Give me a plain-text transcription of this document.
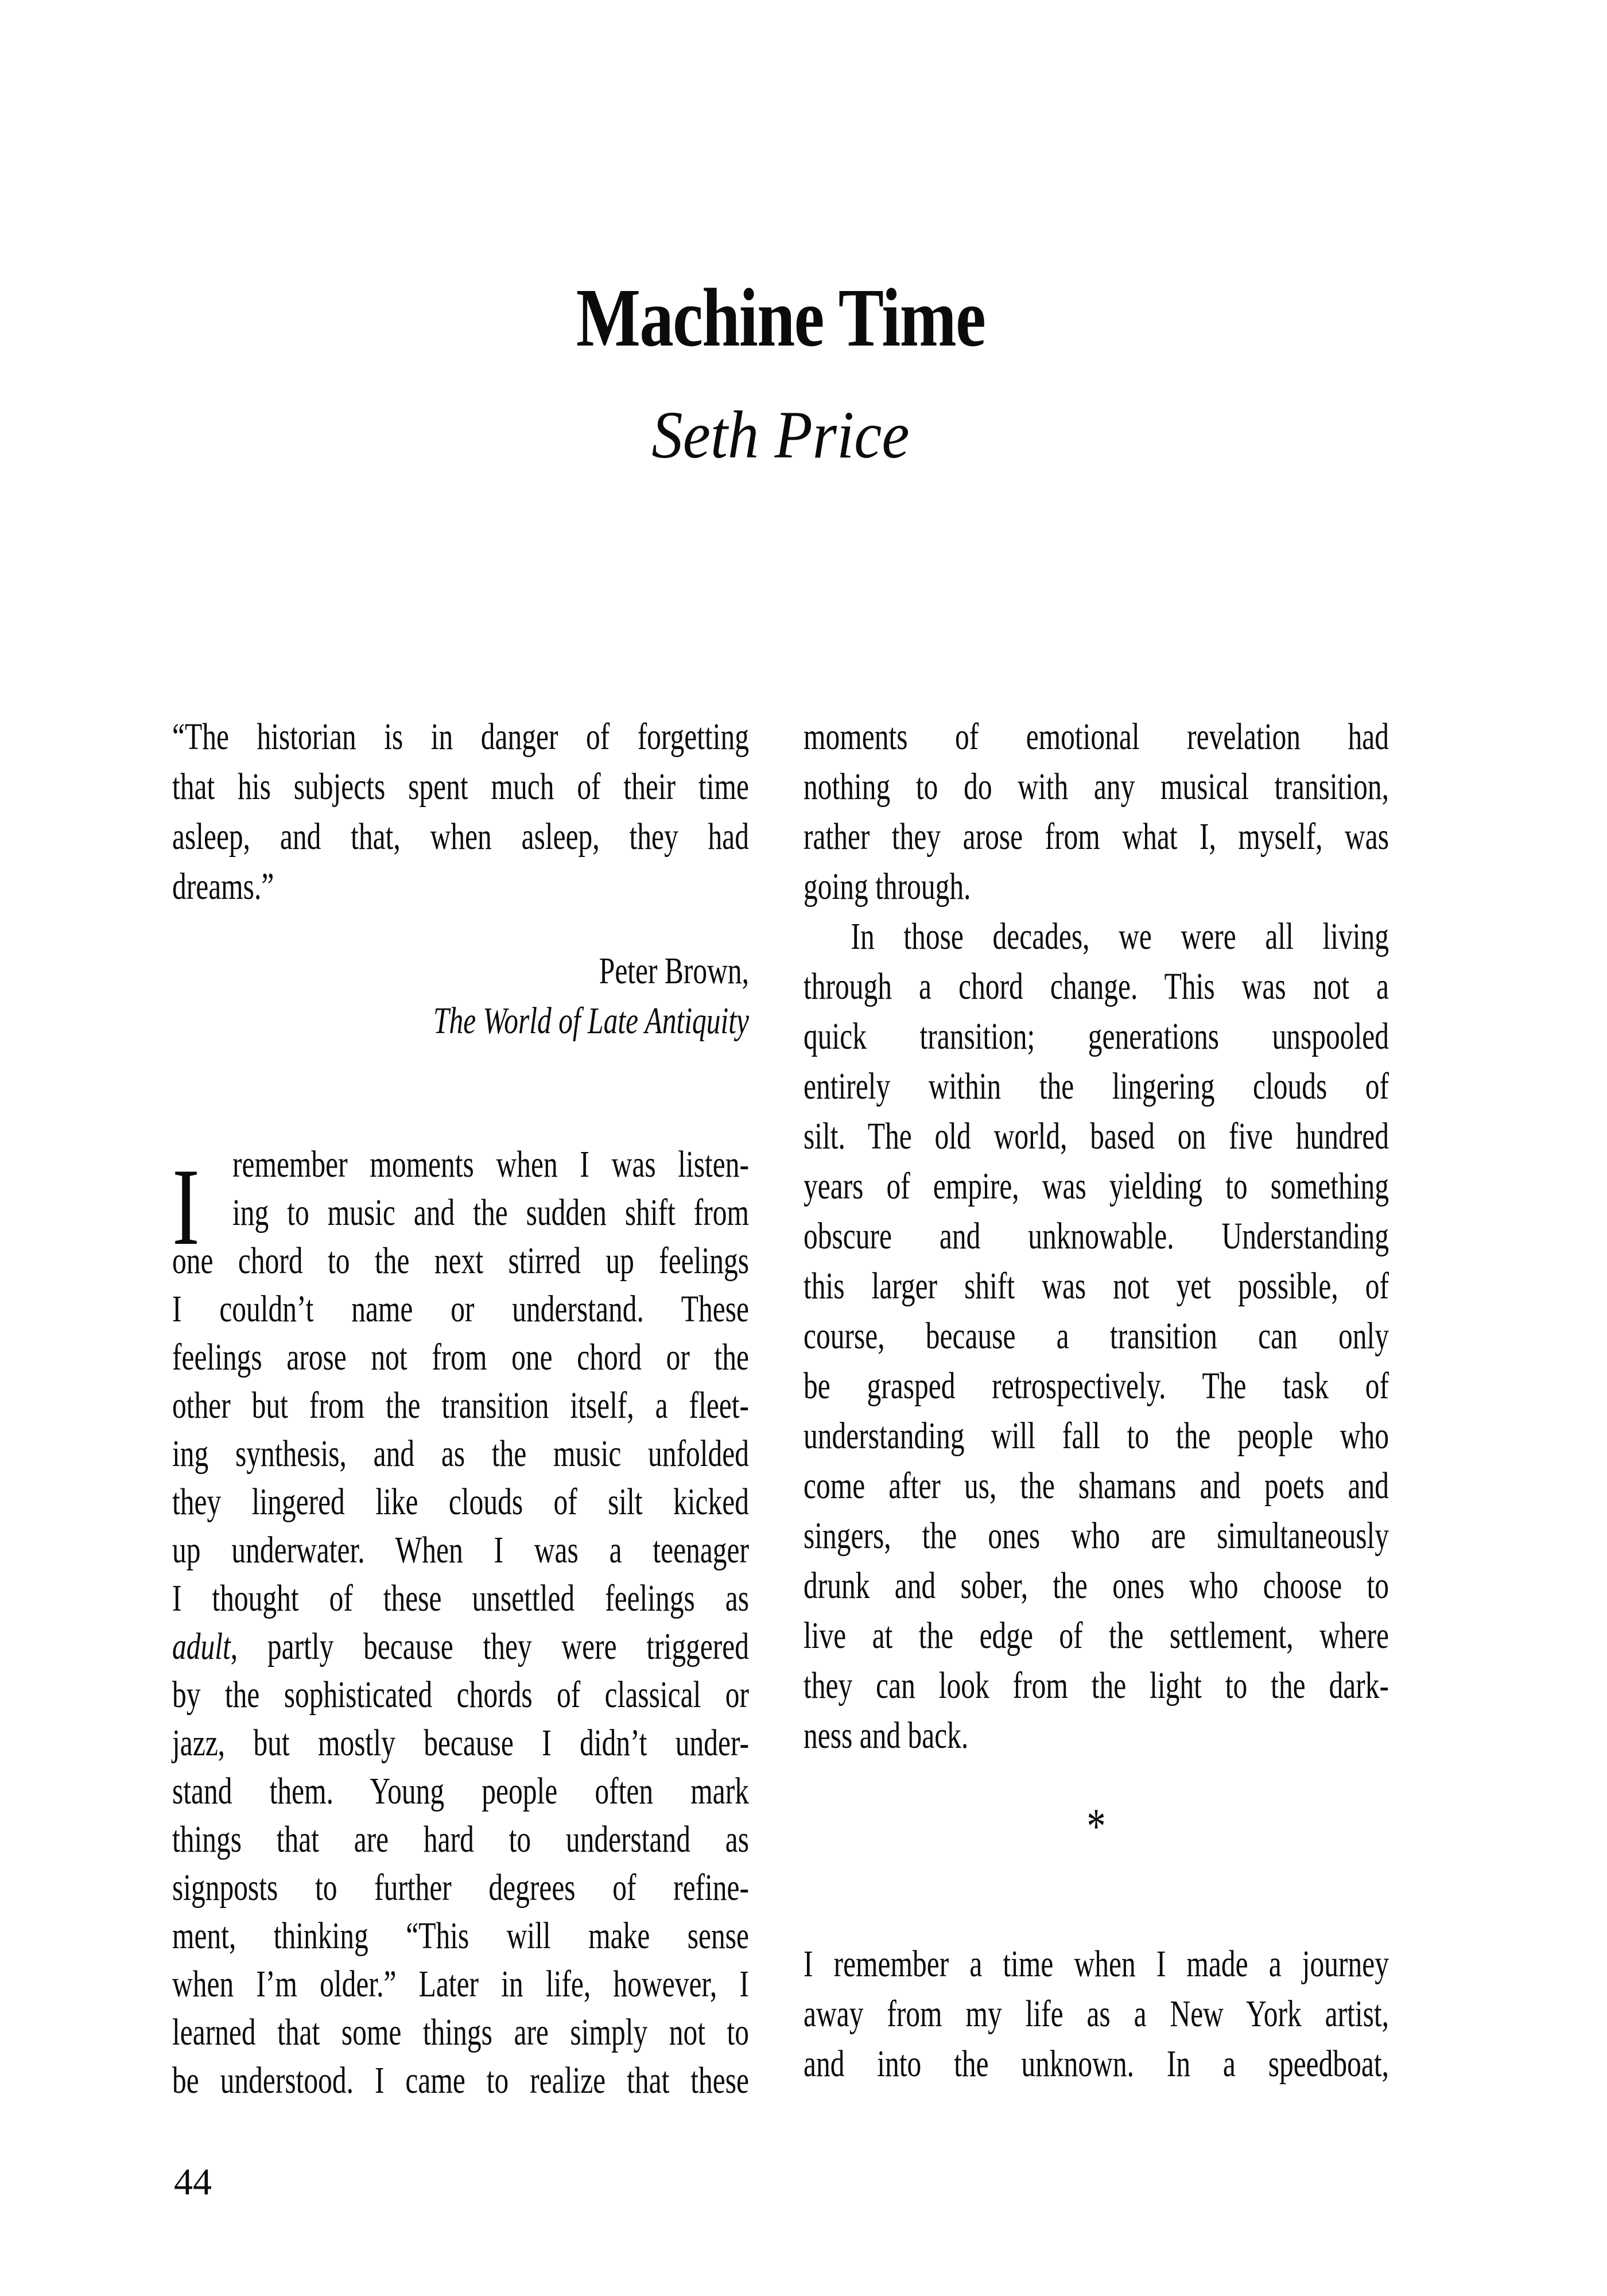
Machine Time
Seth Price
“The historian is in danger of forgetting
that his subjects spent much of their time
asleep, and that, when asleep, they had
dreams.”
Peter Brown,
The World of Late Antiquity
I remember moments when I was listen-
ing to music and the sudden shift from
one chord to the next stirred up feelings
I couldn’t name or understand. These
feelings arose not from one chord or the
other but from the transition itself, a fleet-
ing synthesis, and as the music unfolded
they lingered like clouds of silt kicked
up underwater. When I was a teenager
I thought of these unsettled feelings as
adult, partly because they were triggered
by the sophisticated chords of classical or
jazz, but mostly because I didn’t under-
stand them. Young people often mark
things that are hard to understand as
signposts to further degrees of refine-
ment, thinking “This will make sense
when I’m older.” Later in life, however, I
learned that some things are simply not to
be understood. I came to realize that these
moments of emotional revelation had
nothing to do with any musical transition,
rather they arose from what I, myself, was
going through.
In those decades, we were all living
through a chord change. This was not a
quick transition; generations unspooled
entirely within the lingering clouds of
silt. The old world, based on five hundred
years of empire, was yielding to something
obscure and unknowable. Understanding
this larger shift was not yet possible, of
course, because a transition can only
be grasped retrospectively. The task of
understanding will fall to the people who
come after us, the shamans and poets and
singers, the ones who are simultaneously
drunk and sober, the ones who choose to
live at the edge of the settlement, where
they can look from the light to the dark-
ness and back.
*
I remember a time when I made a journey
away from my life as a New York artist,
and into the unknown. In a speedboat,
44
